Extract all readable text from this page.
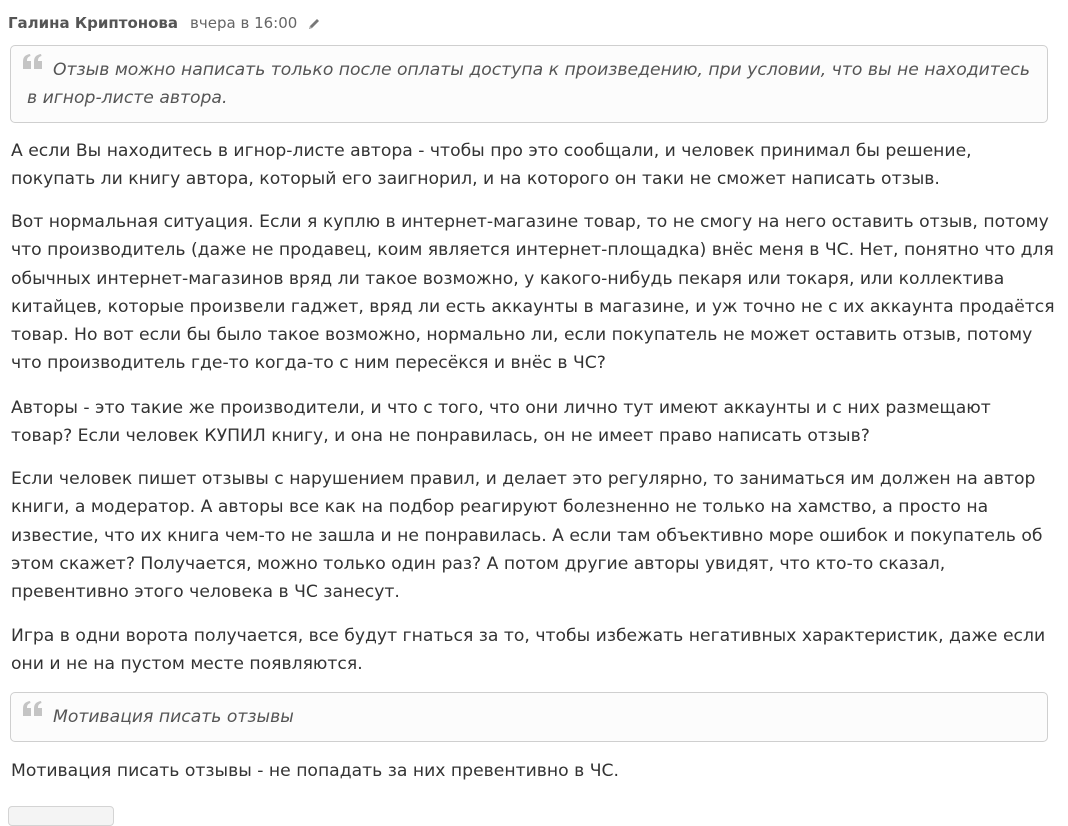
Галина Криптонова вчера в 16:00
Отзыв можно написать только после оплаты доступа к произведению, при условии, что вы не находитесь в игнор-листе автора.

А если Вы находитесь в игнор-листе автора - чтобы про это сообщали, и человек принимал бы решение, покупать ли книгу автора, который его заигнорил, и на которого он таки не сможет написать отзыв.

Вот нормальная ситуация. Если я куплю в интернет-магазине товар, то не смогу на него оставить отзыв, потому что производитель (даже не продавец, коим является интернет-площадка) внёс меня в ЧС. Нет, понятно что для обычных интернет-магазинов вряд ли такое возможно, у какого-нибудь пекаря или токаря, или коллектива китайцев, которые произвели гаджет, вряд ли есть аккаунты в магазине, и уж точно не с их аккаунта продаётся товар. Но вот если бы было такое возможно, нормально ли, если покупатель не может оставить отзыв, потому что производитель где-то когда-то с ним пересёкся и внёс в ЧС?

Авторы - это такие же производители, и что с того, что они лично тут имеют аккаунты и с них размещают товар? Если человек КУПИЛ книгу, и она не понравилась, он не имеет право написать отзыв?

Если человек пишет отзывы с нарушением правил, и делает это регулярно, то заниматься им должен на автор книги, а модератор. А авторы все как на подбор реагируют болезненно не только на хамство, а просто на известие, что их книга чем-то не зашла и не понравилась. А если там объективно море ошибок и покупатель об этом скажет? Получается, можно только один раз? А потом другие авторы увидят, что кто-то сказал, превентивно этого человека в ЧС занесут.

Игра в одни ворота получается, все будут гнаться за то, чтобы избежать негативных характеристик, даже если они и не на пустом месте появляются.

Мотивация писать отзывы

Мотивация писать отзывы - не попадать за них превентивно в ЧС.
